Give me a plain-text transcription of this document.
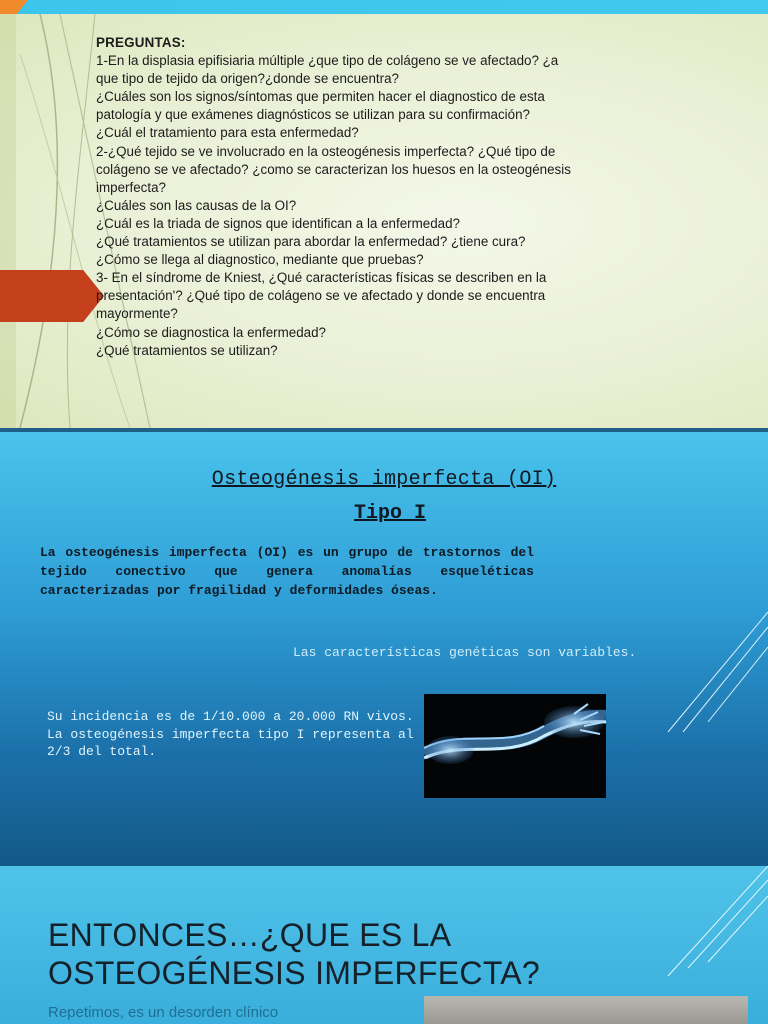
PREGUNTAS:

1-En la displasia epifisiaria múltiple ¿que tipo de colágeno se ve afectado? ¿a

que tipo de tejido da origen?¿donde se encuentra?

¿Cuáles son los signos/síntomas que permiten hacer el diagnostico de esta

patología y que exámenes diagnósticos se utilizan para su confirmación?

¿Cuál el tratamiento para esta enfermedad?

2-¿Qué tejido se ve involucrado en la osteogénesis imperfecta? ¿Qué tipo de

colágeno se ve afectado? ¿como se caracterizan los huesos en la osteogénesis

imperfecta?

¿Cuáles son las causas de la OI?

¿Cuál es la triada de signos que identifican a la enfermedad?

¿Qué tratamientos se utilizan para abordar la enfermedad? ¿tiene cura?

¿Cómo se llega al diagnostico, mediante que pruebas?

3- En el síndrome de Kniest, ¿Qué características físicas se describen en la

presentación'? ¿Qué tipo de colágeno se ve afectado y donde se encuentra

mayormente?

¿Cómo se diagnostica la enfermedad?

¿Qué tratamientos se utilizan?

Osteogénesis imperfecta (OI)
Tipo I
La osteogénesis imperfecta (OI) es un grupo de trastornos del tejido conectivo que genera anomalías esqueléticas caracterizadas por fragilidad y deformidades óseas.
Las características genéticas son variables.
Su incidencia es de 1/10.000 a 20.000 RN vivos. La osteogénesis imperfecta tipo I representa al 2/3 del total.
ENTONCES…¿QUE ES LA
OSTEOGÉNESIS IMPERFECTA?
Repetimos, es un desorden clínico
